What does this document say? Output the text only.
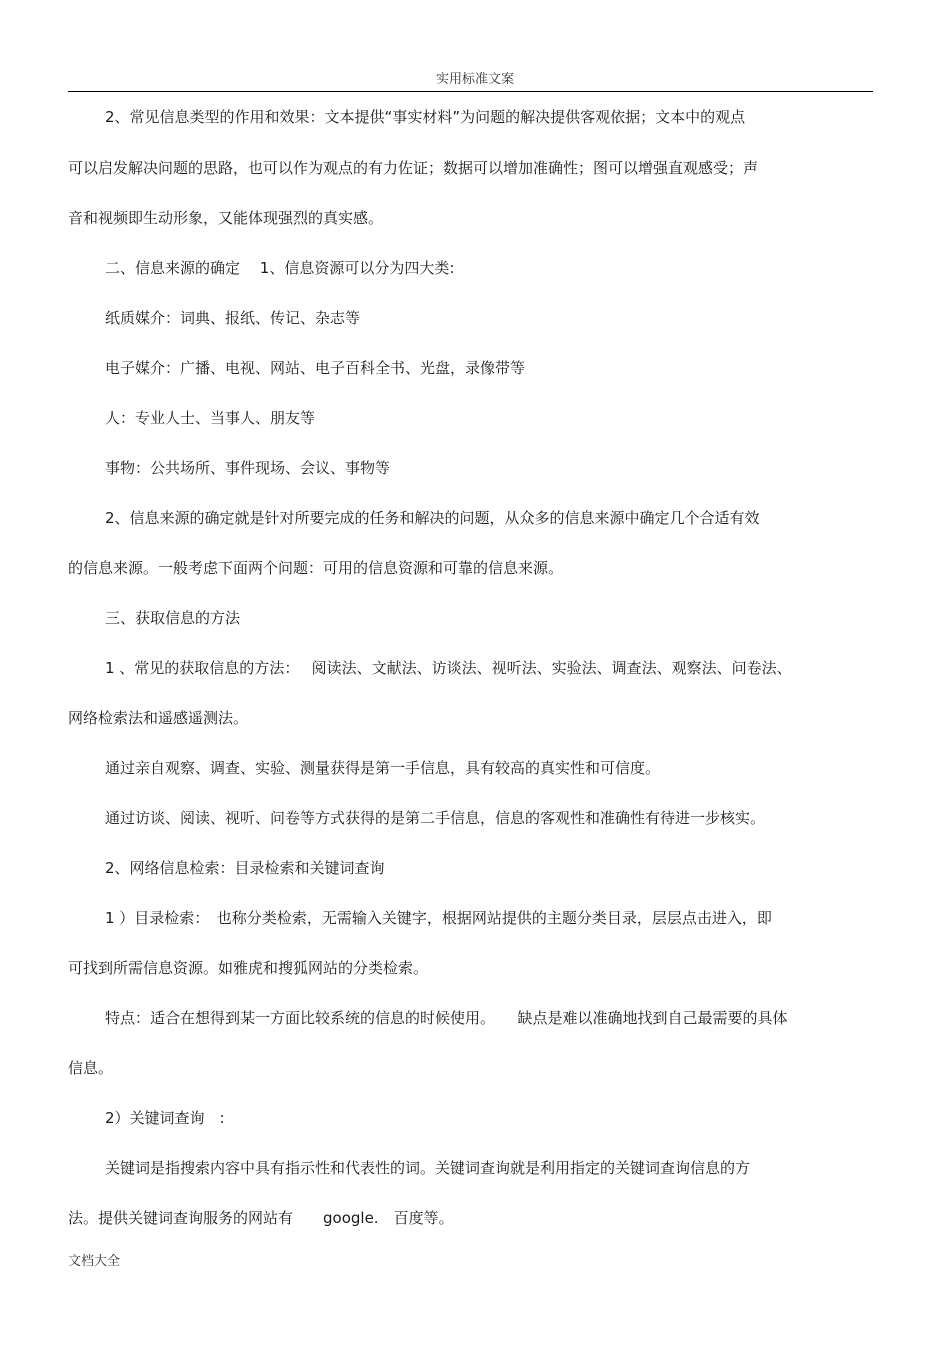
实用标准文案
2、常见信息类型的作用和效果：文本提供“事实材料”为问题的解决提供客观依据；文本中的观点
可以启发解决问题的思路，也可以作为观点的有力佐证；数据可以增加准确性；图可以增强直观感受；声
音和视频即生动形象，又能体现强烈的真实感。
二、信息来源的确定　 1、信息资源可以分为四大类:
纸质媒介：词典、报纸、传记、杂志等
电子媒介：广播、电视、网站、电子百科全书、光盘，录像带等
人：专业人士、当事人、朋友等
事物：公共场所、事件现场、会议、事物等
2、信息来源的确定就是针对所要完成的任务和解决的问题，从众多的信息来源中确定几个合适有效
的信息来源。一般考虑下面两个问题：可用的信息资源和可靠的信息来源。
三、获取信息的方法
1 、常见的获取信息的方法：　 阅读法、文献法、访谈法、视听法、实验法、调查法、观察法、问卷法、
网络检索法和遥感遥测法。
通过亲自观察、调查、实验、测量获得是第一手信息，具有较高的真实性和可信度。
通过访谈、阅读、视听、问卷等方式获得的是第二手信息，信息的客观性和准确性有待进一步核实。
2、网络信息检索：目录检索和关键词查询
1 ）目录检索：　也称分类检索，无需输入关键字，根据网站提供的主题分类目录，层层点击进入，即
可找到所需信息资源。如雅虎和搜狐网站的分类检索。
特点：适合在想得到某一方面比较系统的信息的时候使用。　　缺点是难以准确地找到自己最需要的具体
信息。
2）关键词查询　:
关键词是指搜索内容中具有指示性和代表性的词。关键词查询就是利用指定的关键词查询信息的方
法。提供关键词查询服务的网站有　　google.　百度等。
文档大全
